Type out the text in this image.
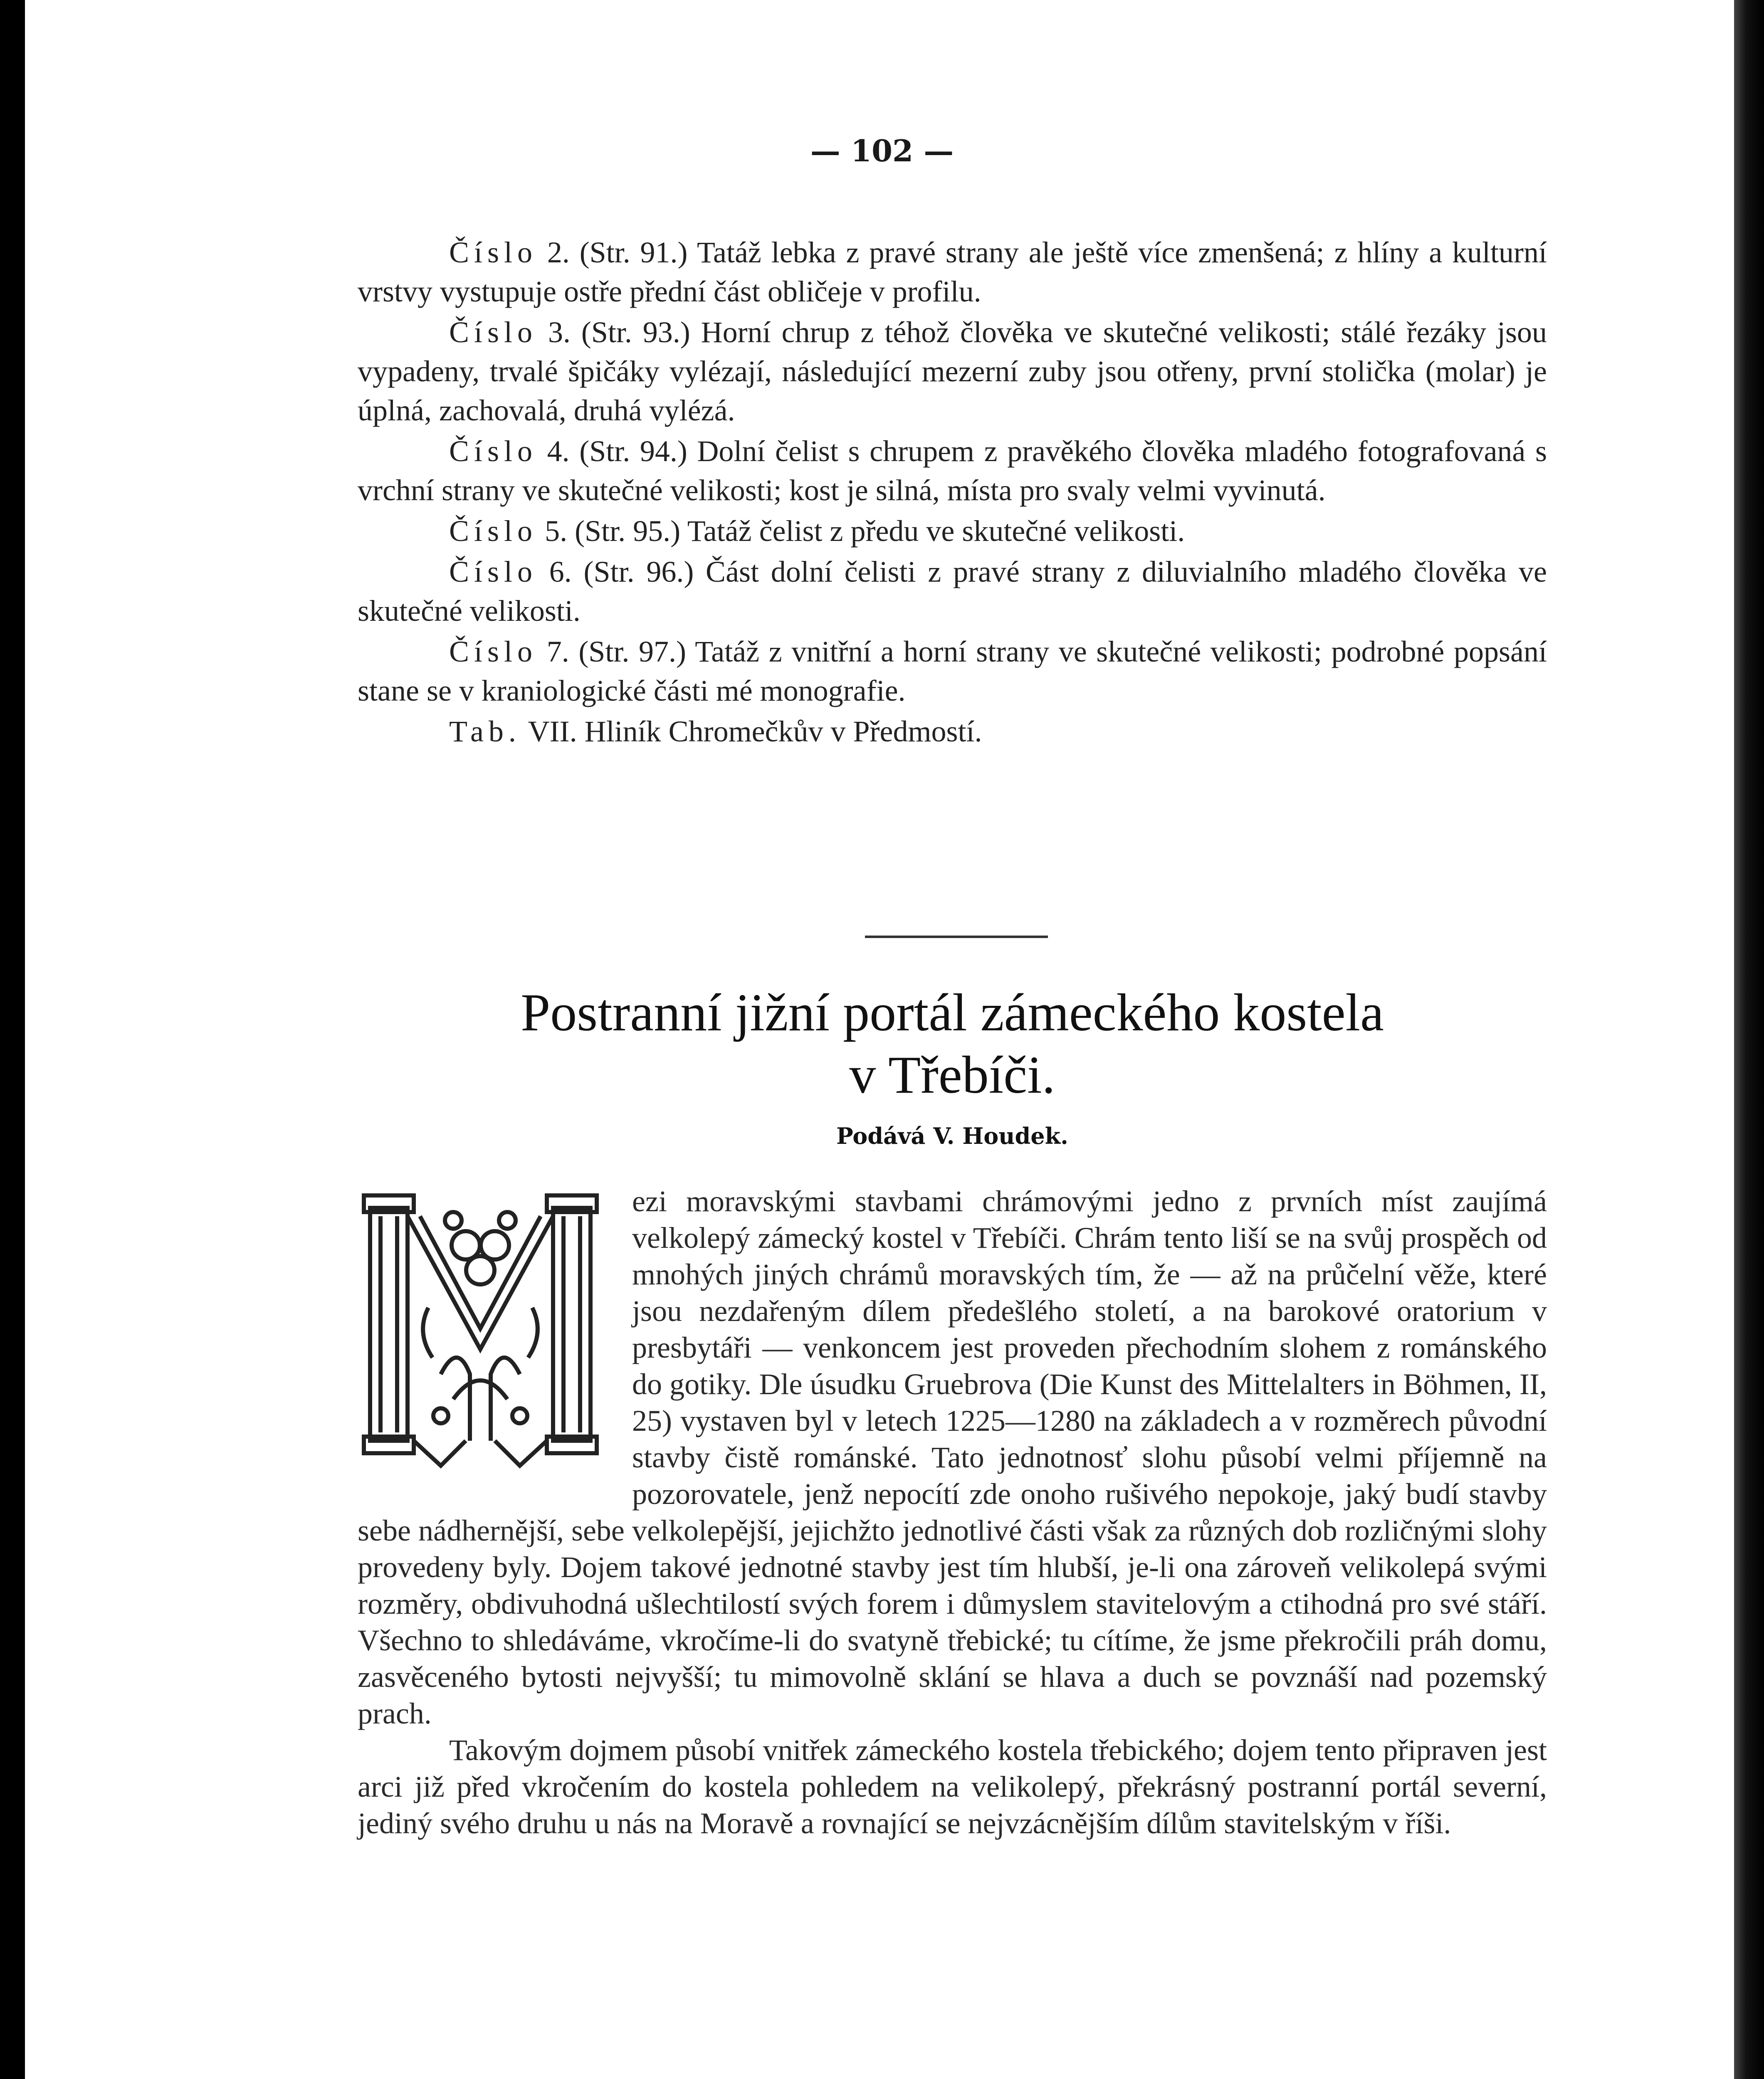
— 102 —

Číslo 2. (Str. 91.) Tatáž lebka z pravé strany ale ještě více zmenšená; z hlíny a kulturní vrstvy vystupuje ostře přední část obličeje v profilu.

Číslo 3. (Str. 93.) Horní chrup z téhož člověka ve skutečné velikosti; stálé řezáky jsou vypadeny, trvalé špičáky vylézají, následující mezerní zuby jsou otřeny, první stolička (molar) je úplná, zachovalá, druhá vylézá.

Číslo 4. (Str. 94.) Dolní čelist s chrupem z pravěkého člověka mladého fotografovaná s vrchní strany ve skutečné velikosti; kost je silná, místa pro svaly velmi vyvinutá.

Číslo 5. (Str. 95.) Tatáž čelist z předu ve skutečné velikosti.

Číslo 6. (Str. 96.) Část dolní čelisti z pravé strany z diluvialního mladého člověka ve skutečné velikosti.

Číslo 7. (Str. 97.) Tatáž z vnitřní a horní strany ve skutečné velikosti; podrobné popsání stane se v kraniologické části mé monografie.

Tab. VII. Hliník Chromečkův v Předmostí.

Postranní jižní portál zámeckého kostela
v Třebíči.
Podává V. Houdek.

ezi moravskými stavbami chrámovými jedno z prvních míst zaujímá velkolepý zámecký kostel v Třebíči. Chrám tento liší se na svůj prospěch od mnohých jiných chrámů moravských tím, že — až na průčelní věže, které jsou nezdařeným dílem předešlého století, a na barokové oratorium v presbytáři — venkoncem jest proveden přechodním slohem z románského do gotiky. Dle úsudku Gruebrova (Die Kunst des Mittelalters in Böhmen, II, 25) vystaven byl v letech 1225—1280 na základech a v rozměrech původní stavby čistě románské. Tato jednotnosť slohu působí velmi příjemně na pozorovatele, jenž nepocítí zde onoho rušivého nepokoje, jaký budí stavby sebe nádhernější, sebe velkolepější, jejichžto jednotlivé části však za různých dob rozličnými slohy provedeny byly. Dojem takové jednotné stavby jest tím hlubší, je-li ona zároveň velikolepá svými rozměry, obdivuhodná ušlechtilostí svých forem i důmyslem stavitelovým a ctihodná pro své stáří. Všechno to shledáváme, vkročíme-li do svatyně třebické; tu cítíme, že jsme překročili práh domu, zasvěceného bytosti nejvyšší; tu mimovolně sklání se hlava a duch se povznáší nad pozemský prach.

Takovým dojmem působí vnitřek zámeckého kostela třebického; dojem tento připraven jest arci již před vkročením do kostela pohledem na velikolepý, překrásný postranní portál severní, jediný svého druhu u nás na Moravě a rovnající se nejvzácnějším dílům stavitelským v říši.
